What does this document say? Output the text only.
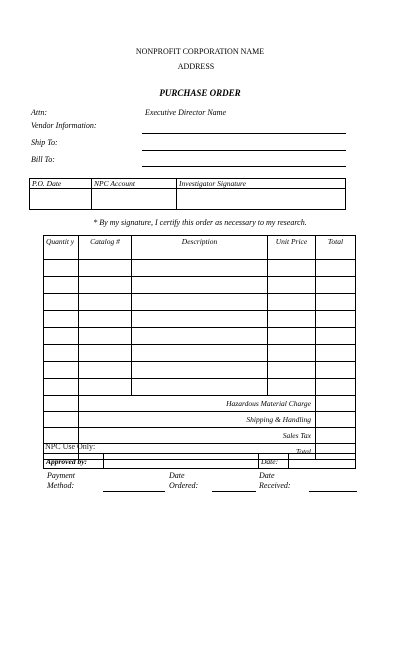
NONPROFIT CORPORATION NAME
ADDRESS
PURCHASE ORDER
Attn:	Executive Director Name
Vendor Information:
Ship To:
Bill To:
P.O. Date	NPC Account	Investigator Signature

* By my signature, I certify this order as necessary to my research.
Quantit y	Catalog #	Description	Unit Price	Total

	Hazardous Material Charge			
	Shipping & Handling			
	Sales Tax			
	Total			
NPC Use Only:
Approved by:		Date:	
Payment
Method:
Date
Ordered:
Date
Received:
